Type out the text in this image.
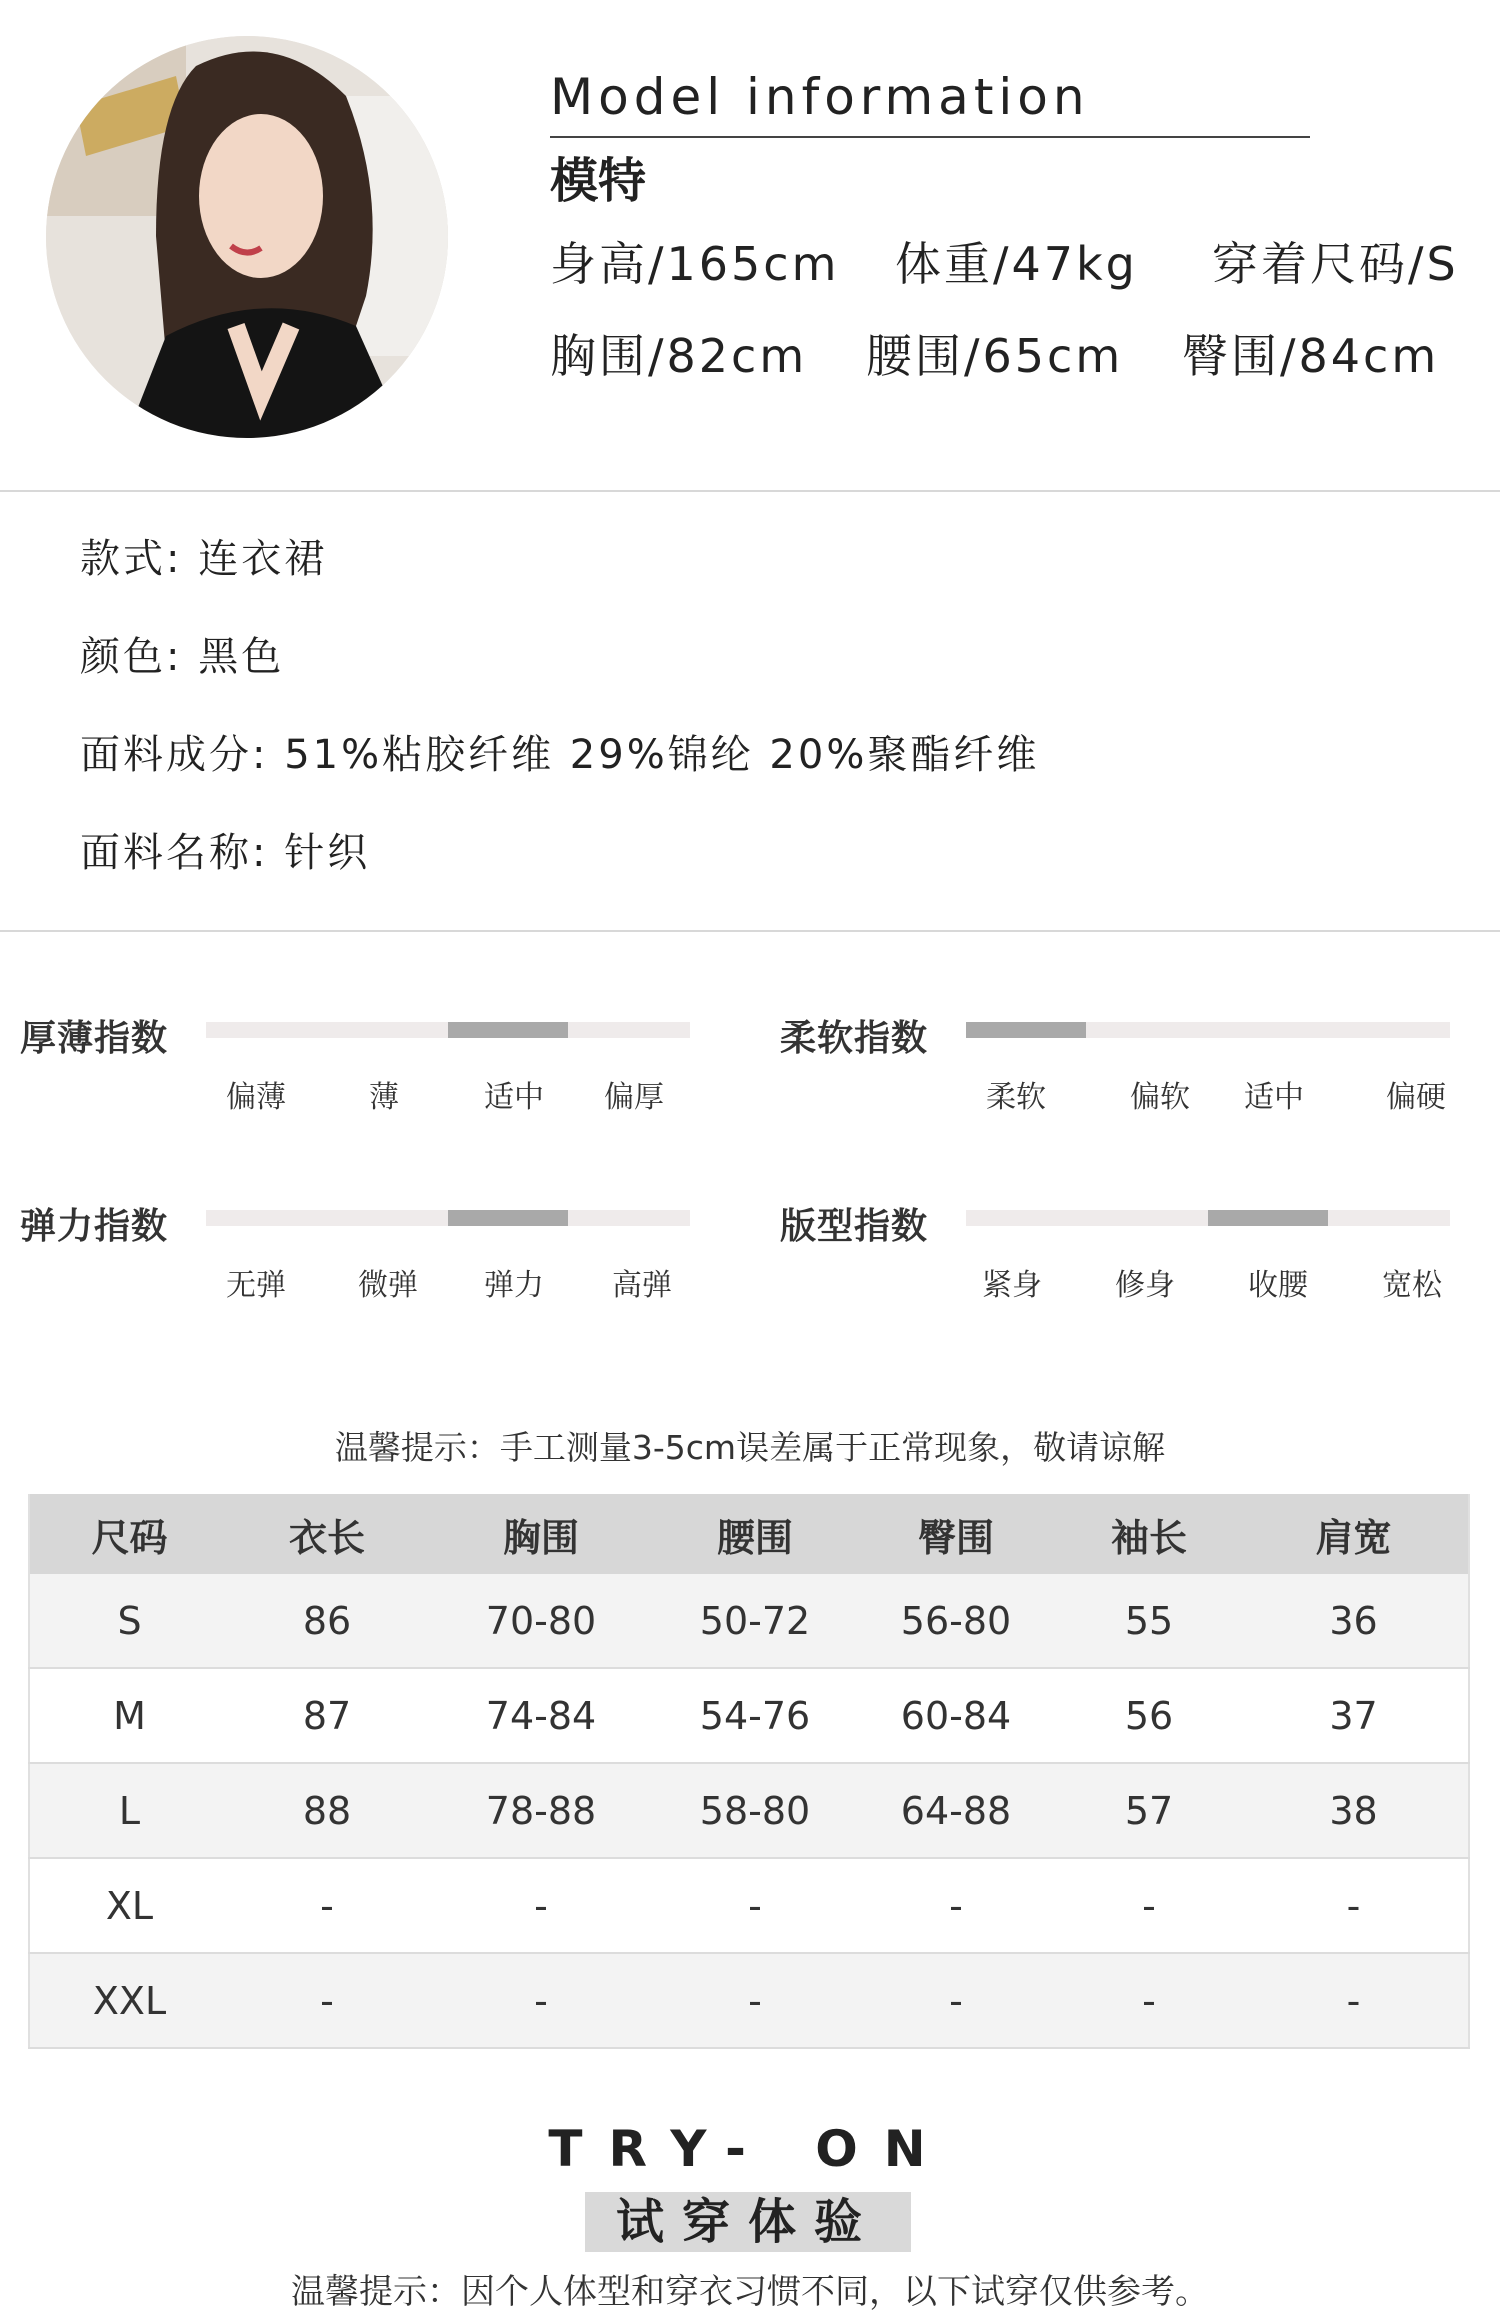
Model information
模特
身高/165cm 体重/47kg 穿着尺码/S
胸围/82cm 腰围/65cm 臀围/84cm
款式: 连衣裙
颜色: 黑色
面料成分: 51%粘胶纤维 29%锦纶 20%聚酯纤维
面料名称: 针织
厚薄指数
偏薄	薄	适中	偏厚
柔软指数
柔软	偏软	适中	偏硬
弹力指数
无弹	微弹	弹力	高弹
版型指数
紧身	修身	收腰	宽松
温馨提示：手工测量3-5cm误差属于正常现象，敬请谅解
尺码	衣长	胸围	腰围	臀围	袖长	肩宽
S	86	70-80	50-72	56-80	55	36
M	87	74-84	54-76	60-84	56	37
L	88	78-88	58-80	64-88	57	38
XL	-	-	-	-	-	-
XXL	-	-	-	-	-	-
TRY- ON
试穿体验
温馨提示：因个人体型和穿衣习惯不同，以下试穿仅供参考。
